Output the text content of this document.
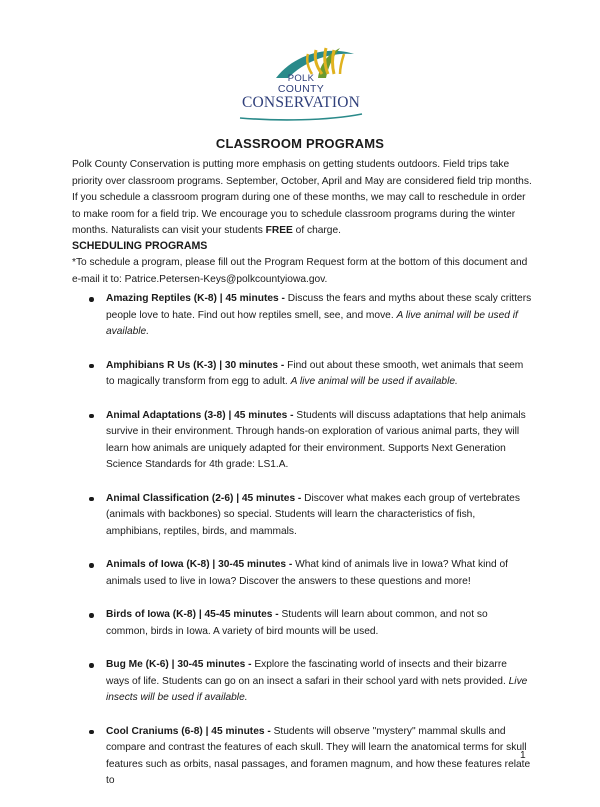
POLK
COUNTY
CONSERVATION
CLASSROOM PROGRAMS
Polk County Conservation is putting more emphasis on getting students outdoors. Field trips take priority over classroom programs. September, October, April and May are considered field trip months. If you schedule a classroom program during one of these months, we may call to reschedule in order to make room for a field trip. We encourage you to schedule classroom programs during the winter months. Naturalists can visit your students FREE of charge.
SCHEDULING PROGRAMS
*To schedule a program, please fill out the Program Request form at the bottom of this document and e-mail it to: Patrice.Petersen-Keys@polkcountyiowa.gov.
Amazing Reptiles (K-8) | 45 minutes - Discuss the fears and myths about these scaly critters people love to hate. Find out how reptiles smell, see, and move. A live animal will be used if available.
Amphibians R Us (K-3) | 30 minutes - Find out about these smooth, wet animals that seem to magically transform from egg to adult. A live animal will be used if available.
Animal Adaptations (3-8) | 45 minutes - Students will discuss adaptations that help animals survive in their environment. Through hands-on exploration of various animal parts, they will learn how animals are uniquely adapted for their environment. Supports Next Generation Science Standards for 4th grade: LS1.A.
Animal Classification (2-6) | 45 minutes - Discover what makes each group of vertebrates (animals with backbones) so special. Students will learn the characteristics of fish, amphibians, reptiles, birds, and mammals.
Animals of Iowa (K-8) | 30-45 minutes - What kind of animals live in Iowa? What kind of animals used to live in Iowa? Discover the answers to these questions and more!
Birds of Iowa (K-8) | 45-45 minutes - Students will learn about common, and not so common, birds in Iowa. A variety of bird mounts will be used.
Bug Me (K-6) | 30-45 minutes - Explore the fascinating world of insects and their bizarre ways of life. Students can go on an insect a safari in their school yard with nets provided. Live insects will be used if available.
Cool Craniums (6-8) | 45 minutes - Students will observe "mystery" mammal skulls and compare and contrast the features of each skull. They will learn the anatomical terms for skull features such as orbits, nasal passages, and foramen magnum, and how these features relate to
1
